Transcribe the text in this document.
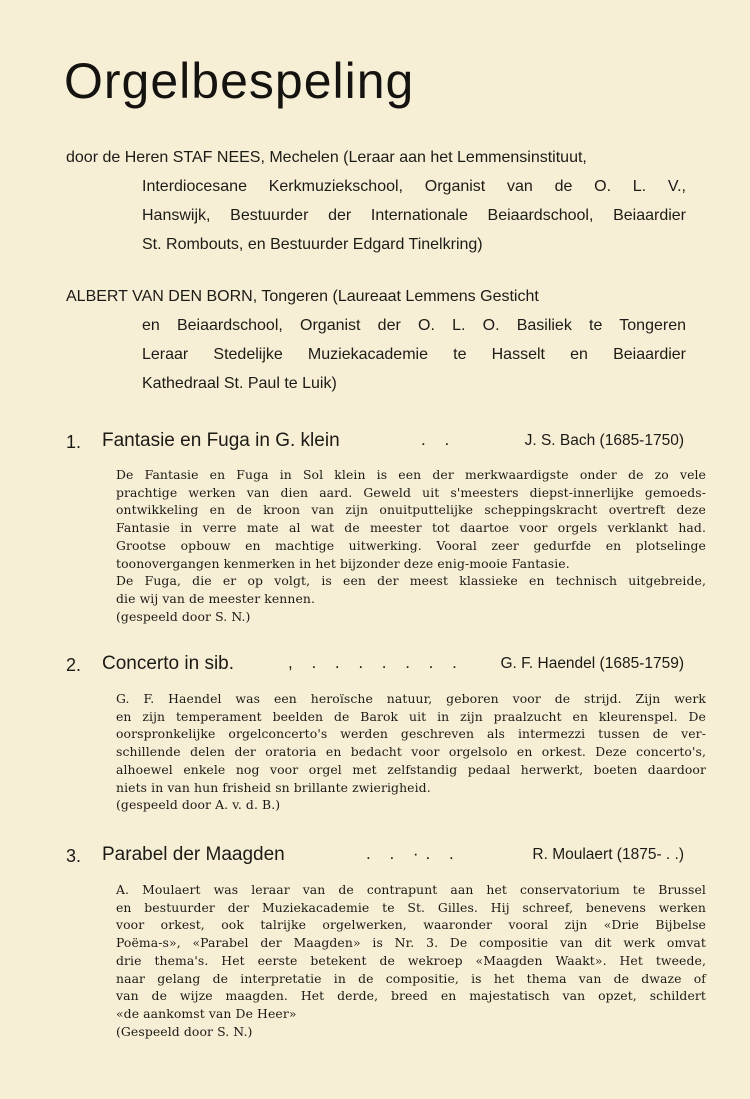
Orgelbespeling
door de Heren STAF NEES, Mechelen (Leraar aan het Lemmensinstituut,
Interdiocesane Kerkmuziekschool, Organist van de O. L. V.,
Hanswijk, Bestuurder der Internationale Beiaardschool, Beiaardier
St. Rombouts, en Bestuurder Edgard Tinelkring)
ALBERT VAN DEN BORN, Tongeren (Laureaat Lemmens Gesticht
en Beiaardschool, Organist der O. L. O. Basiliek te Tongeren
Leraar Stedelijke Muziekacademie te Hasselt en Beiaardier
Kathedraal St. Paul te Luik)
1. Fantasie en Fuga in G. klein	. .	J. S. Bach (1685-1750)
De Fantasie en Fuga in Sol klein is een der merkwaardigste onder de zo vele
prachtige werken van dien aard. Geweld uit s'meesters diepst-innerlijke gemoeds-
ontwikkeling en de kroon van zijn onuitputtelijke scheppingskracht overtreft deze
Fantasie in verre mate al wat de meester tot daartoe voor orgels verklankt had.
Grootse opbouw en machtige uitwerking. Vooral zeer gedurfde en plotselinge
toonovergangen kenmerken in het bijzonder deze enig-mooie Fantasie.
De Fuga, die er op volgt, is een der meest klassieke en technisch uitgebreide,
die wij van de meester kennen.
(gespeeld door S. N.)
2. Concerto in sib.	, . . . . . . . G. F. Haendel (1685-1759)
G. F. Haendel was een heroïsche natuur, geboren voor de strijd. Zijn werk
en zijn temperament beelden de Barok uit in zijn praalzucht en kleurenspel. De
oorspronkelijke orgelconcerto's werden geschreven als intermezzi tussen de ver-
schillende delen der oratoria en bedacht voor orgelsolo en orkest. Deze concerto's,
alhoewel enkele nog voor orgel met zelfstandig pedaal herwerkt, boeten daardoor
niets in van hun frisheid sn brillante zwierigheid.
(gespeeld door A. v. d. B.)
3. Parabel der Maagden	. . ·. .	R. Moulaert (1875- . .)
A. Moulaert was leraar van de contrapunt aan het conservatorium te Brussel
en bestuurder der Muziekacademie te St. Gilles. Hij schreef, benevens werken
voor orkest, ook talrijke orgelwerken, waaronder vooral zijn «Drie Bijbelse
Poëma-s», «Parabel der Maagden» is Nr. 3. De compositie van dit werk omvat
drie thema's. Het eerste betekent de wekroep «Maagden Waakt». Het tweede,
naar gelang de interpretatie in de compositie, is het thema van de dwaze of
van de wijze maagden. Het derde, breed en majestatisch van opzet, schildert
«de aankomst van De Heer»
(Gespeeld door S. N.)
